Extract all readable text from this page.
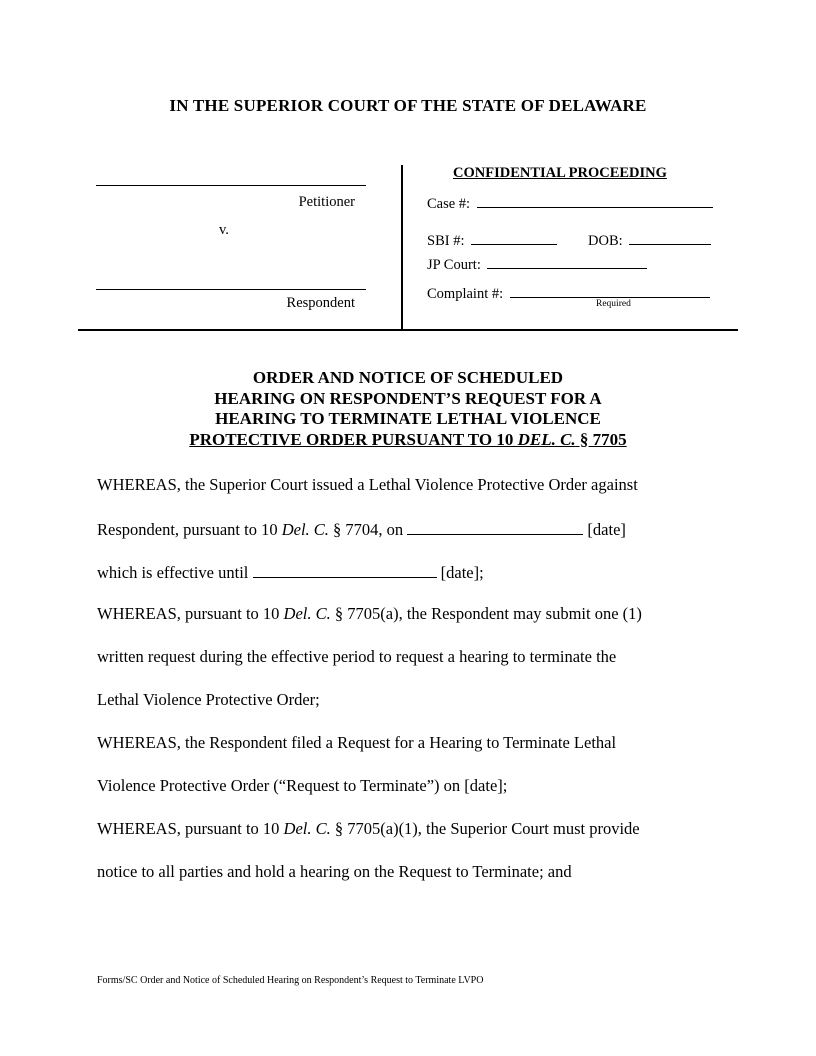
IN THE SUPERIOR COURT OF THE STATE OF DELAWARE
Petitioner
v.
Respondent
CONFIDENTIAL PROCEEDING
Case #:
SBI #:	DOB:
JP Court:
Complaint #:
Required
ORDER AND NOTICE OF SCHEDULED
HEARING ON RESPONDENT’S REQUEST FOR A
HEARING TO TERMINATE LETHAL VIOLENCE
PROTECTIVE ORDER PURSUANT TO 10 DEL. C. § 7705
WHEREAS, the Superior Court issued a Lethal Violence Protective Order against
Respondent, pursuant to 10 Del. C. § 7704, on	[date]
which is effective until	[date];
WHEREAS, pursuant to 10 Del. C. § 7705(a), the Respondent may submit one (1)
written request during the effective period to request a hearing to terminate the
Lethal Violence Protective Order;
WHEREAS, the Respondent filed a Request for a Hearing to Terminate Lethal
Violence Protective Order (“Request to Terminate”) on [date];
WHEREAS, pursuant to 10 Del. C. § 7705(a)(1), the Superior Court must provide
notice to all parties and hold a hearing on the Request to Terminate; and
Forms/SC Order and Notice of Scheduled Hearing on Respondent’s Request to Terminate LVPO
